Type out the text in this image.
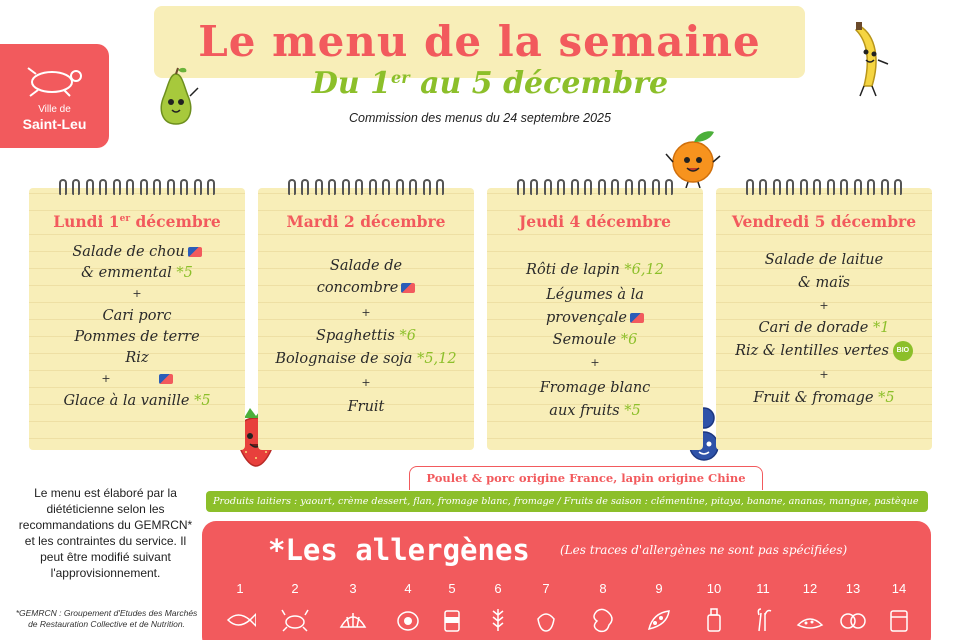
Ville de
Saint-Leu
Le menu de la semaine
Du 1er au 5 décembre
Commission des menus du 24 septembre 2025
Lundi 1er décembre
Salade de chou
& emmental *5
+
Cari porc
Pommes de terre
Riz
+
Glace à la vanille *5
Mardi 2 décembre
Salade de
concombre
+
Spaghettis *6
Bolognaise de soja *5,12
+
Fruit
Jeudi 4 décembre
Rôti de lapin *6,12
Légumes à la
provençale
Semoule *6
+
Fromage blanc
aux fruits *5
Vendredi 5 décembre
Salade de laitue
& maïs
+
Cari de dorade *1
Riz & lentilles vertes BIO
+
Fruit & fromage *5
Poulet & porc origine France, lapin origine Chine
Produits laitiers : yaourt, crème dessert, flan, fromage blanc, fromage / Fruits de saison : clémentine, pitaya, banane, ananas, mangue, pastèque
Le menu est élaboré par la diététicienne selon les recommandations du GEMRCN* et les contraintes du service. Il peut être modifié suivant l'approvisionnement.
*GEMRCN : Groupement d'Etudes des Marchés de Restauration Collective et de Nutrition.
*Les allergènes	(Les traces d'allergènes ne sont pas spécifiées)
1	2	3	4	5	6	7	8	9	10	11	12	13	14
